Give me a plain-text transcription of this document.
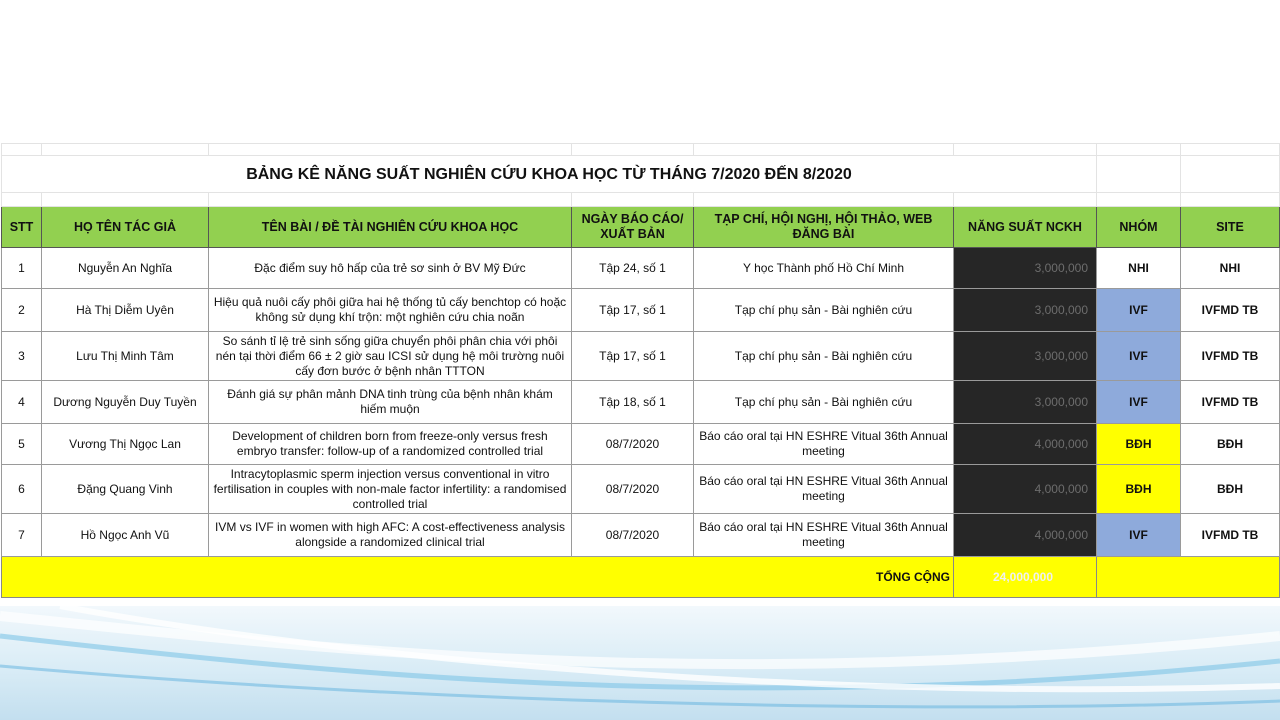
BẢNG KÊ NĂNG SUẤT NGHIÊN CỨU KHOA HỌC TỪ THÁNG 7/2020 ĐẾN 8/2020							

STT	HỌ TÊN TÁC GIẢ	TÊN BÀI / ĐỀ TÀI NGHIÊN CỨU KHOA HỌC	NGÀY BÁO CÁO/ XUẤT BẢN	TẠP CHÍ, HỘI NGHỊ, HỘI THẢO, WEB ĐĂNG BÀI	NĂNG SUẤT NCKH	NHÓM	SITE
1	Nguyễn An Nghĩa	Đặc điểm suy hô hấp của trẻ sơ sinh ở BV Mỹ Đức	Tập 24, số 1	Y học Thành phố Hồ Chí Minh	3,000,000	NHI	NHI
2	Hà Thị Diễm Uyên	Hiệu quả nuôi cấy phôi giữa hai hệ thống tủ cấy benchtop có hoặc không sử dụng khí trộn: một nghiên cứu chia noãn	Tập 17, số 1	Tạp chí phụ sản - Bài nghiên cứu	3,000,000	IVF	IVFMD TB
3	Lưu Thị Minh Tâm	So sánh tỉ lệ trẻ sinh sống giữa chuyển phôi phân chia với phôi nén tại thời điểm 66 ± 2 giờ sau ICSI sử dụng hệ môi trường nuôi cấy đơn bước ở bệnh nhân TTTON	Tập 17, số 1	Tạp chí phụ sản - Bài nghiên cứu	3,000,000	IVF	IVFMD TB
4	Dương Nguyễn Duy Tuyền	Đánh giá sự phân mảnh DNA tinh trùng của bệnh nhân khám hiếm muộn	Tập 18, số 1	Tạp chí phụ sản - Bài nghiên cứu	3,000,000	IVF	IVFMD TB
5	Vương Thị Ngọc Lan	Development of children born from freeze-only versus fresh embryo transfer: follow-up of a randomized controlled trial	08/7/2020	Báo cáo oral tại HN ESHRE Vitual 36th Annual meeting	4,000,000	BĐH	BĐH
6	Đặng Quang Vinh	Intracytoplasmic sperm injection versus conventional in vitro fertilisation in couples with non-male factor infertility: a randomised controlled trial	08/7/2020	Báo cáo oral tại HN ESHRE Vitual 36th Annual meeting	4,000,000	BĐH	BĐH
7	Hồ Ngọc Anh Vũ	IVM vs IVF in women with high AFC: A cost-effectiveness analysis alongside a randomized clinical trial	08/7/2020	Báo cáo oral tại HN ESHRE Vitual 36th Annual meeting	4,000,000	IVF	IVFMD TB
TỔNG CỘNG					24,000,000		
